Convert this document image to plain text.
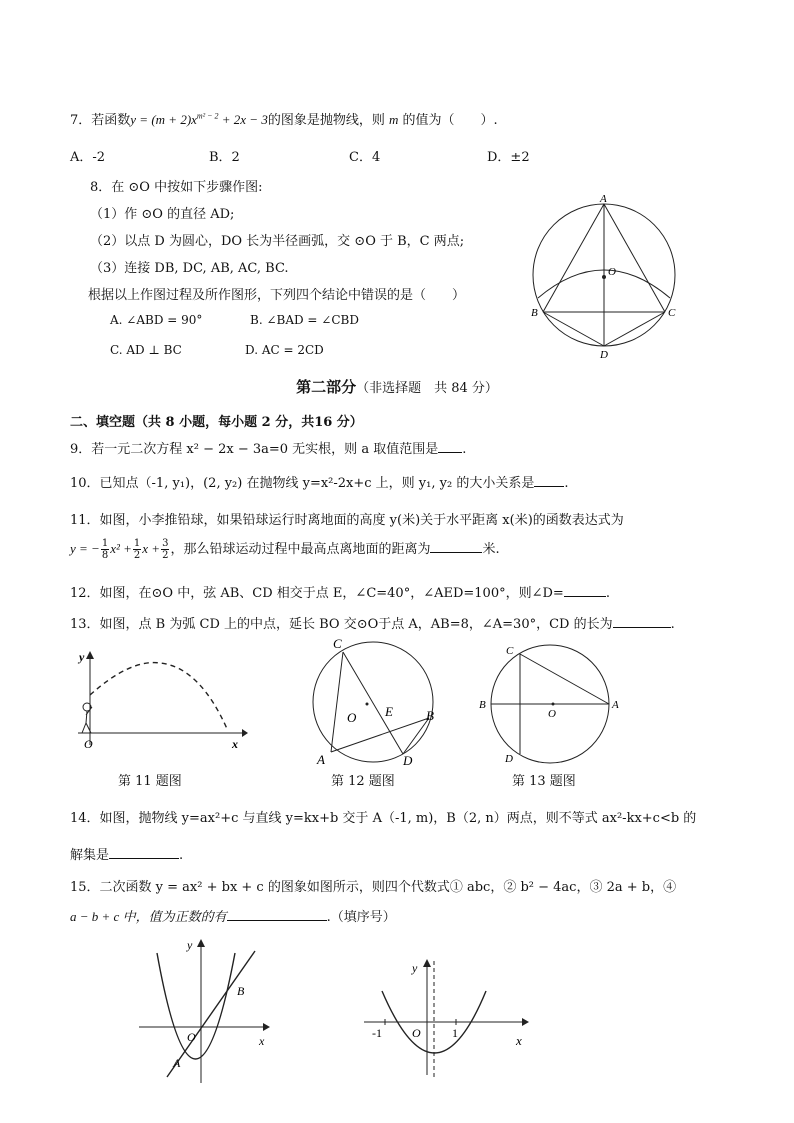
7．若函数$y = (m + 2)x^{m^2 - 2} + 2x - 3$的图象是抛物线，则 m 的值为（　　）.
A．-2	B．2	C．4	D．±2
8．在 ⊙O 中按如下步骤作图:
（1）作 ⊙O 的直径 AD;
（2）以点 D 为圆心，DO 长为半径画弧，交 ⊙O 于 B，C 两点;
（3）连接 DB, DC, AB, AC, BC.
根据以上作图过程及所作图形，下列四个结论中错误的是（　　）
A. ∠ABD = 90°	B. ∠BAD = ∠CBD
C. AD ⊥ BC	D. AC = 2CD
A
O
B	C
D
第二部分（非选择题　共 84 分）
二、填空题（共 8 小题，每小题 2 分，共16 分）
9．若一元二次方程 x² − 2x − 3a=0 无实根，则 a 取值范围是 .
10．已知点（-1, y₁)，(2, y₂) 在抛物线 y=x²-2x+c 上，则 y₁, y₂ 的大小关系是 .
11．如图，小李推铅球，如果铅球运行时离地面的高度 y(米)关于水平距离 x(米)的函数表达式为
y = − $\frac{1}{8} x^2 + \frac{1}{2}$ $x + \frac{3}{2}$ ，那么铅球运动过程中最高点离地面的距离为	米.
12．如图，在⊙O 中，弦 AB、CD 相交于点 E，∠C=40°，∠AED=100°，则∠D=	.
13．如图，点 B 为弧 CD 上的中点，延长 BO 交⊙O于点 A，AB=8，∠A=30°，CD 的长为	.
y
O	x
第 11 题图
C
O E	B
A	D
第 12 题图
C
B
O
A
D
第 13 题图
14．如图，抛物线 y=ax²+c 与直线 y=kx+b 交于 A（-1, m)，B（2, n）两点，则不等式 ax²-kx+c<b 的
解集是	.
15．二次函数 y = ax² + bx + c 的图象如图所示，则四个代数式① abc，② b² − 4ac，③ 2a + b，④
a − b + c 中，值为正数的有	.（填序号）
y
B
O	x
A
y
-1	O	1	x
